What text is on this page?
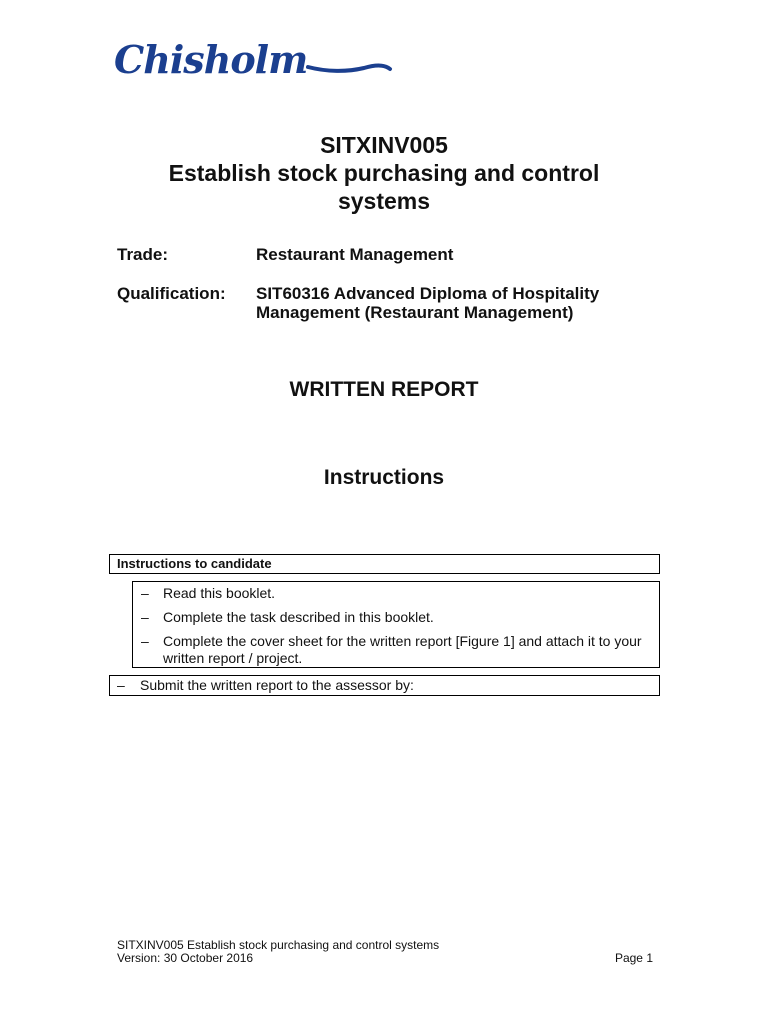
Chisholm
SITXINV005

Establish stock purchasing and control systems
Trade:	Restaurant Management
Qualification: SIT60316 Advanced Diploma of Hospitality Management (Restaurant Management)
WRITTEN REPORT
Instructions
Instructions to candidate
– Read this booklet.
– Complete the task described in this booklet.
– Complete the cover sheet for the written report [Figure 1] and attach it to your written report / project.
– Submit the written report to the assessor by:
SITXINV005 Establish stock purchasing and control systems
Version: 30 October 2016	Page 1
